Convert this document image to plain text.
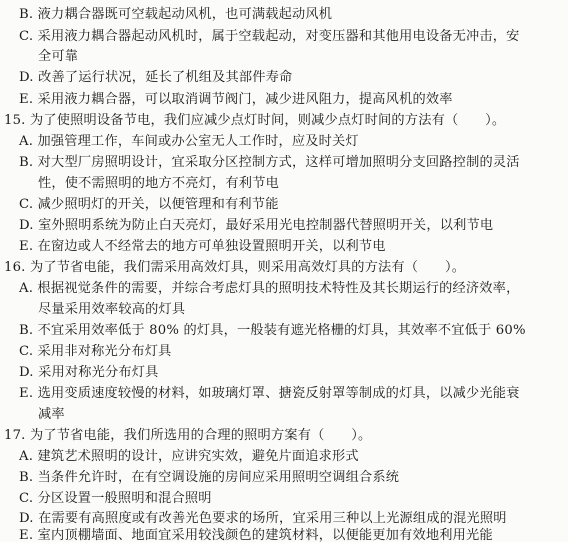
B. 液力耦合器既可空载起动风机，也可满载起动风机
C. 采用液力耦合器起动风机时，属于空载起动，对变压器和其他用电设备无冲击，安
全可靠
D. 改善了运行状况，延长了机组及其部件寿命
E. 采用液力耦合器，可以取消调节阀门，减少进风阻力，提高风机的效率
15. 为了使照明设备节电，我们应减少点灯时间，则减少点灯时间的方法有（　　）。
A. 加强管理工作，车间或办公室无人工作时，应及时关灯
B. 对大型厂房照明设计，宜采取分区控制方式，这样可增加照明分支回路控制的灵活
性，使不需照明的地方不亮灯，有利节电
C. 减少照明灯的开关，以便管理和有利节能
D. 室外照明系统为防止白天亮灯，最好采用光电控制器代替照明开关，以利节电
E. 在窗边或人不经常去的地方可单独设置照明开关，以利节电
16. 为了节省电能，我们需采用高效灯具，则采用高效灯具的方法有（　　）。
A. 根据视觉条件的需要，并综合考虑灯具的照明技术特性及其长期运行的经济效率，
尽量采用效率较高的灯具
B. 不宜采用效率低于 80% 的灯具，一般装有遮光格栅的灯具，其效率不宜低于 60%
C. 采用非对称光分布灯具
D. 采用对称光分布灯具
E. 选用变质速度较慢的材料，如玻璃灯罩、搪瓷反射罩等制成的灯具，以减少光能衰
减率
17. 为了节省电能，我们所选用的合理的照明方案有（　　）。
A. 建筑艺术照明的设计，应讲究实效，避免片面追求形式
B. 当条件允许时，在有空调设施的房间应采用照明空调组合系统
C. 分区设置一般照明和混合照明
D. 在需要有高照度或有改善光色要求的场所，宜采用三种以上光源组成的混光照明
E. 室内顶棚墙面、地面宜采用较浅颜色的建筑材料，以便能更加有效地利用光能
